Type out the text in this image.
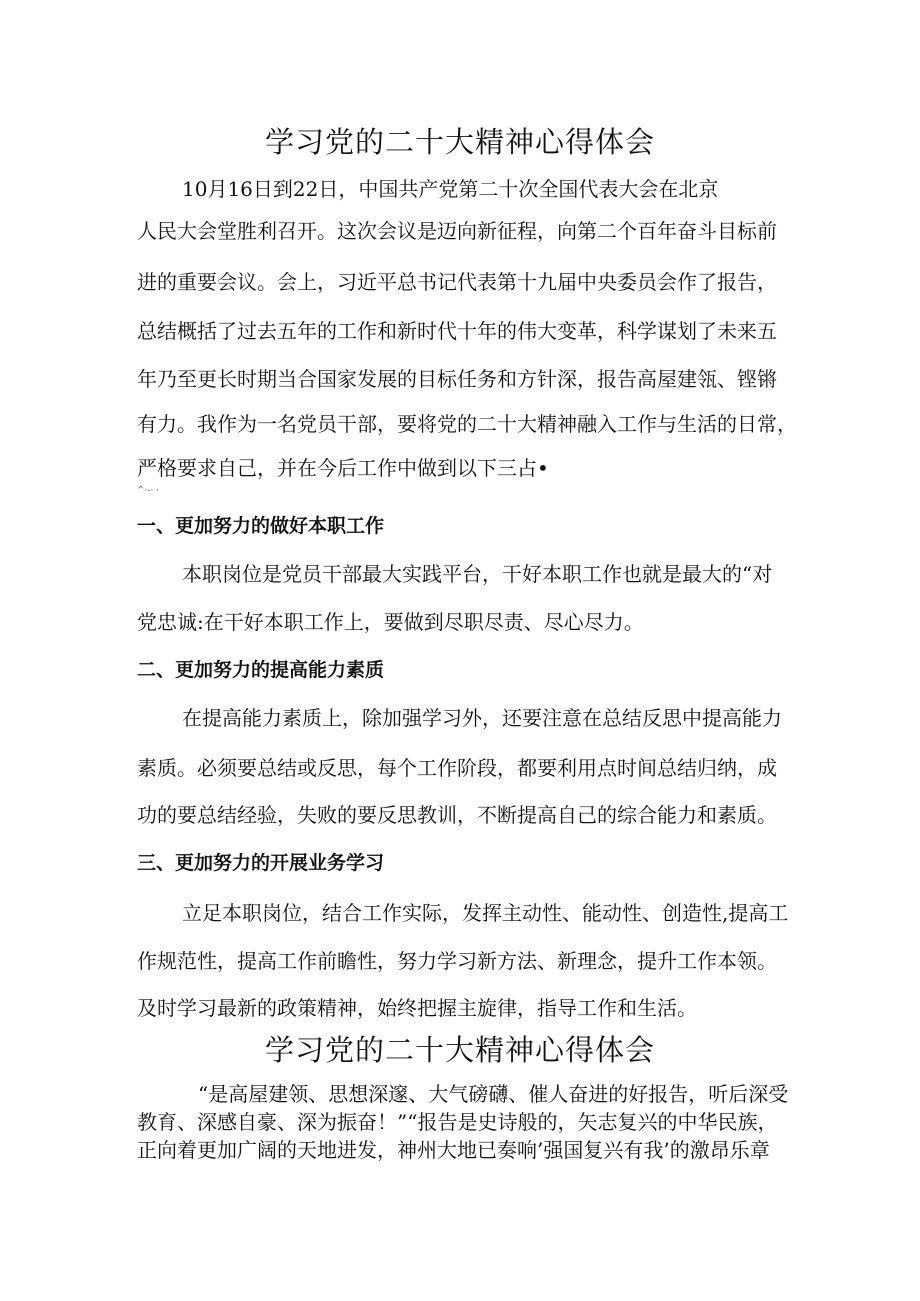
学习党的二十大精神心得体会
10月16日到22日，中国共产党第二十次全国代表大会在北京
人民大会堂胜利召开。这次会议是迈向新征程，向第二个百年奋斗目标前
进的重要会议。会上，习近平总书记代表第十九届中央委员会作了报告，
总结概括了过去五年的工作和新时代十年的伟大变革，科学谋划了未来五
年乃至更长时期当合国家发展的目标任务和方针深，报告高屋建瓴、铿锵
有力。我作为一名党员干部，要将党的二十大精神融入工作与生活的日常，
严格要求自己，并在今后工作中做到以下三占•
^·-· ·
一、更加努力的做好本职工作
本职岗位是党员干部最大实践平台，干好本职工作也就是最大的“对
党忠诚:在干好本职工作上，要做到尽职尽责、尽心尽力。
二、更加努力的提高能力素质
在提高能力素质上，除加强学习外，还要注意在总结反思中提高能力
素质。必须要总结或反思，每个工作阶段，都要利用点时间总结归纳，成
功的要总结经验，失败的要反思教训，不断提高自己的综合能力和素质。
三、更加努力的开展业务学习
立足本职岗位，结合工作实际，发挥主动性、能动性、创造性,提高工
作规范性，提高工作前瞻性，努力学习新方法、新理念，提升工作本领。
及时学习最新的政策精神，始终把握主旋律，指导工作和生活。
学习党的二十大精神心得体会
“是高屋建领、思想深邃、大气磅礴、催人奋进的好报告，听后深受
教育、深感自豪、深为振奋！”“报告是史诗般的，矢志复兴的中华民族，
正向着更加广阔的天地进发，神州大地已奏响’强国复兴有我’的激昂乐章
